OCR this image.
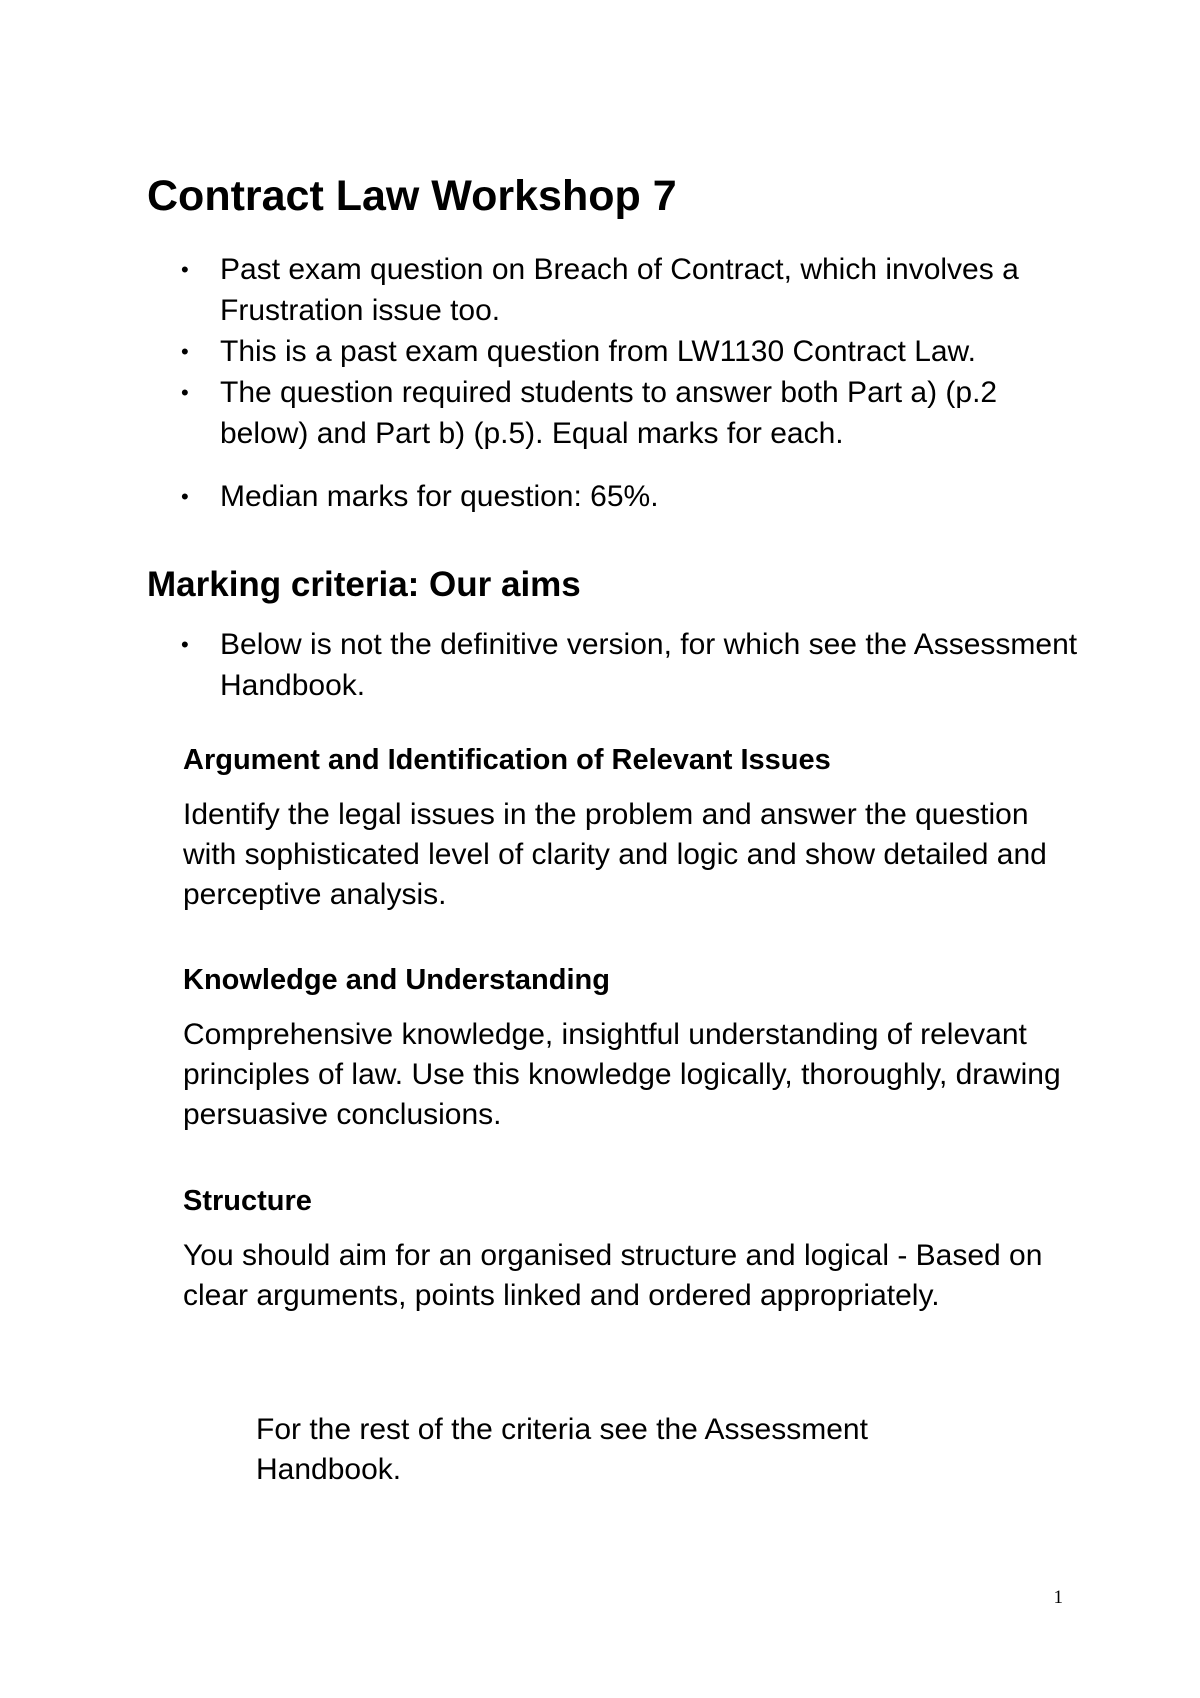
Contract Law Workshop 7
• Past exam question on Breach of Contract, which involves a Frustration issue too.
• This is a past exam question from LW1130 Contract Law.
• The question required students to answer both Part a) (p.2 below) and Part b) (p.5). Equal marks for each.
• Median marks for question: 65%.
Marking criteria: Our aims
• Below is not the definitive version, for which see the Assessment Handbook.
Argument and Identification of Relevant Issues

Identify the legal issues in the problem and answer the question with sophisticated level of clarity and logic and show detailed and perceptive analysis.

Knowledge and Understanding

Comprehensive knowledge, insightful understanding of relevant principles of law. Use this knowledge logically, thoroughly, drawing persuasive conclusions.

Structure

You should aim for an organised structure and logical - Based on clear arguments, points linked and ordered appropriately.

For the rest of the criteria see the Assessment Handbook.

1
